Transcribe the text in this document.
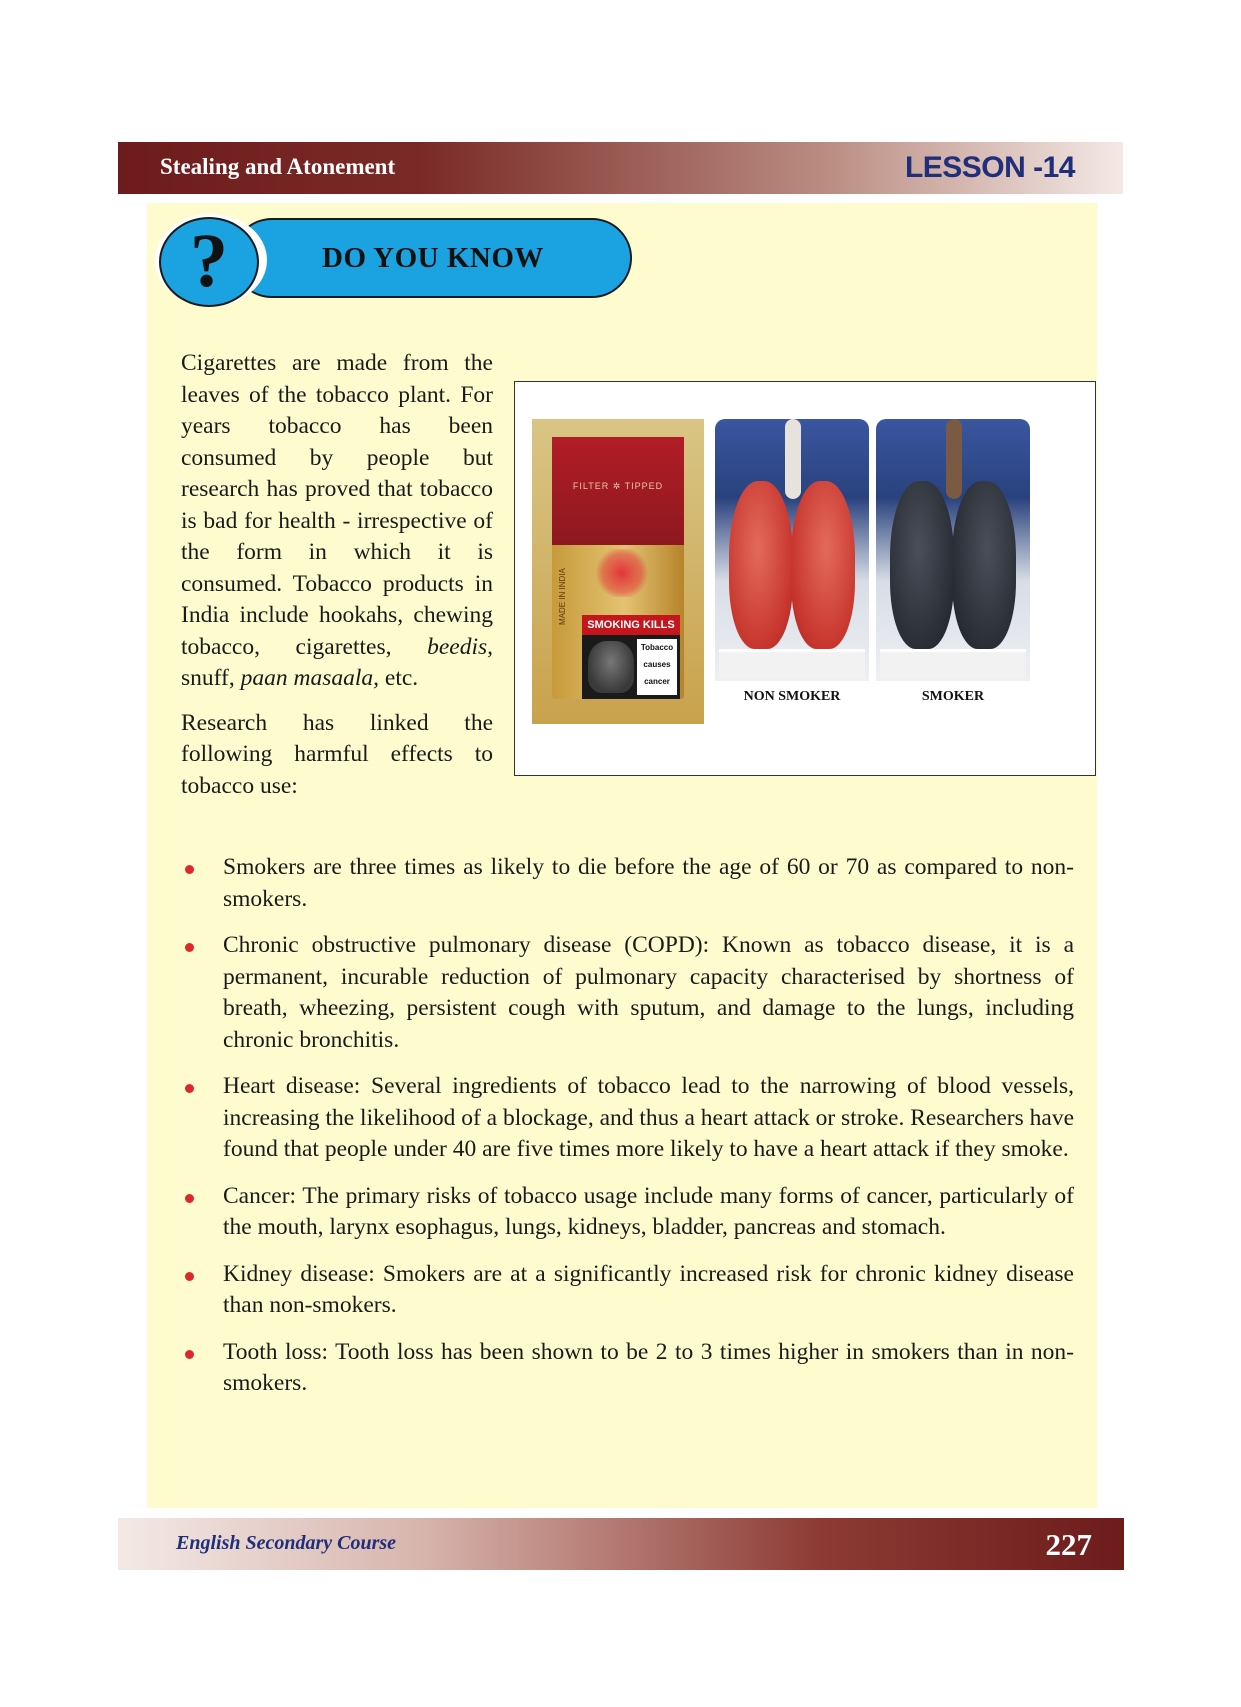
Stealing and Atonement	LESSON -14
DO YOU KNOW
?

Cigarettes are made from the leaves of the tobacco plant. For years tobacco has been consumed by people but research has proved that tobacco is bad for health - irrespective of the form in which it is consumed. Tobacco products in India include hookahs, chewing tobacco, cigarettes, beedis, snuff, paan masaala, etc.

Research has linked the following harmful effects to tobacco use:

FILTER ✲ TIPPED
MADE IN INDIA	SMOKING KILLS
Tobacco
causes
cancer
NON SMOKER	SMOKER
Smokers are three times as likely to die before the age of 60 or 70 as compared to non-smokers.
Chronic obstructive pulmonary disease (COPD): Known as tobacco disease, it is a permanent, incurable reduction of pulmonary capacity characterised by shortness of breath, wheezing, persistent cough with sputum, and damage to the lungs, including chronic bronchitis.
Heart disease: Several ingredients of tobacco lead to the narrowing of blood vessels, increasing the likelihood of a blockage, and thus a heart attack or stroke. Researchers have found that people under 40 are five times more likely to have a heart attack if they smoke.
Cancer: The primary risks of tobacco usage include many forms of cancer, particularly of the mouth, larynx esophagus, lungs, kidneys, bladder, pancreas and stomach.
Kidney disease: Smokers are at a significantly increased risk for chronic kidney disease than non-smokers.
Tooth loss: Tooth loss has been shown to be 2 to 3 times higher in smokers than in non-smokers.
English Secondary Course	227
